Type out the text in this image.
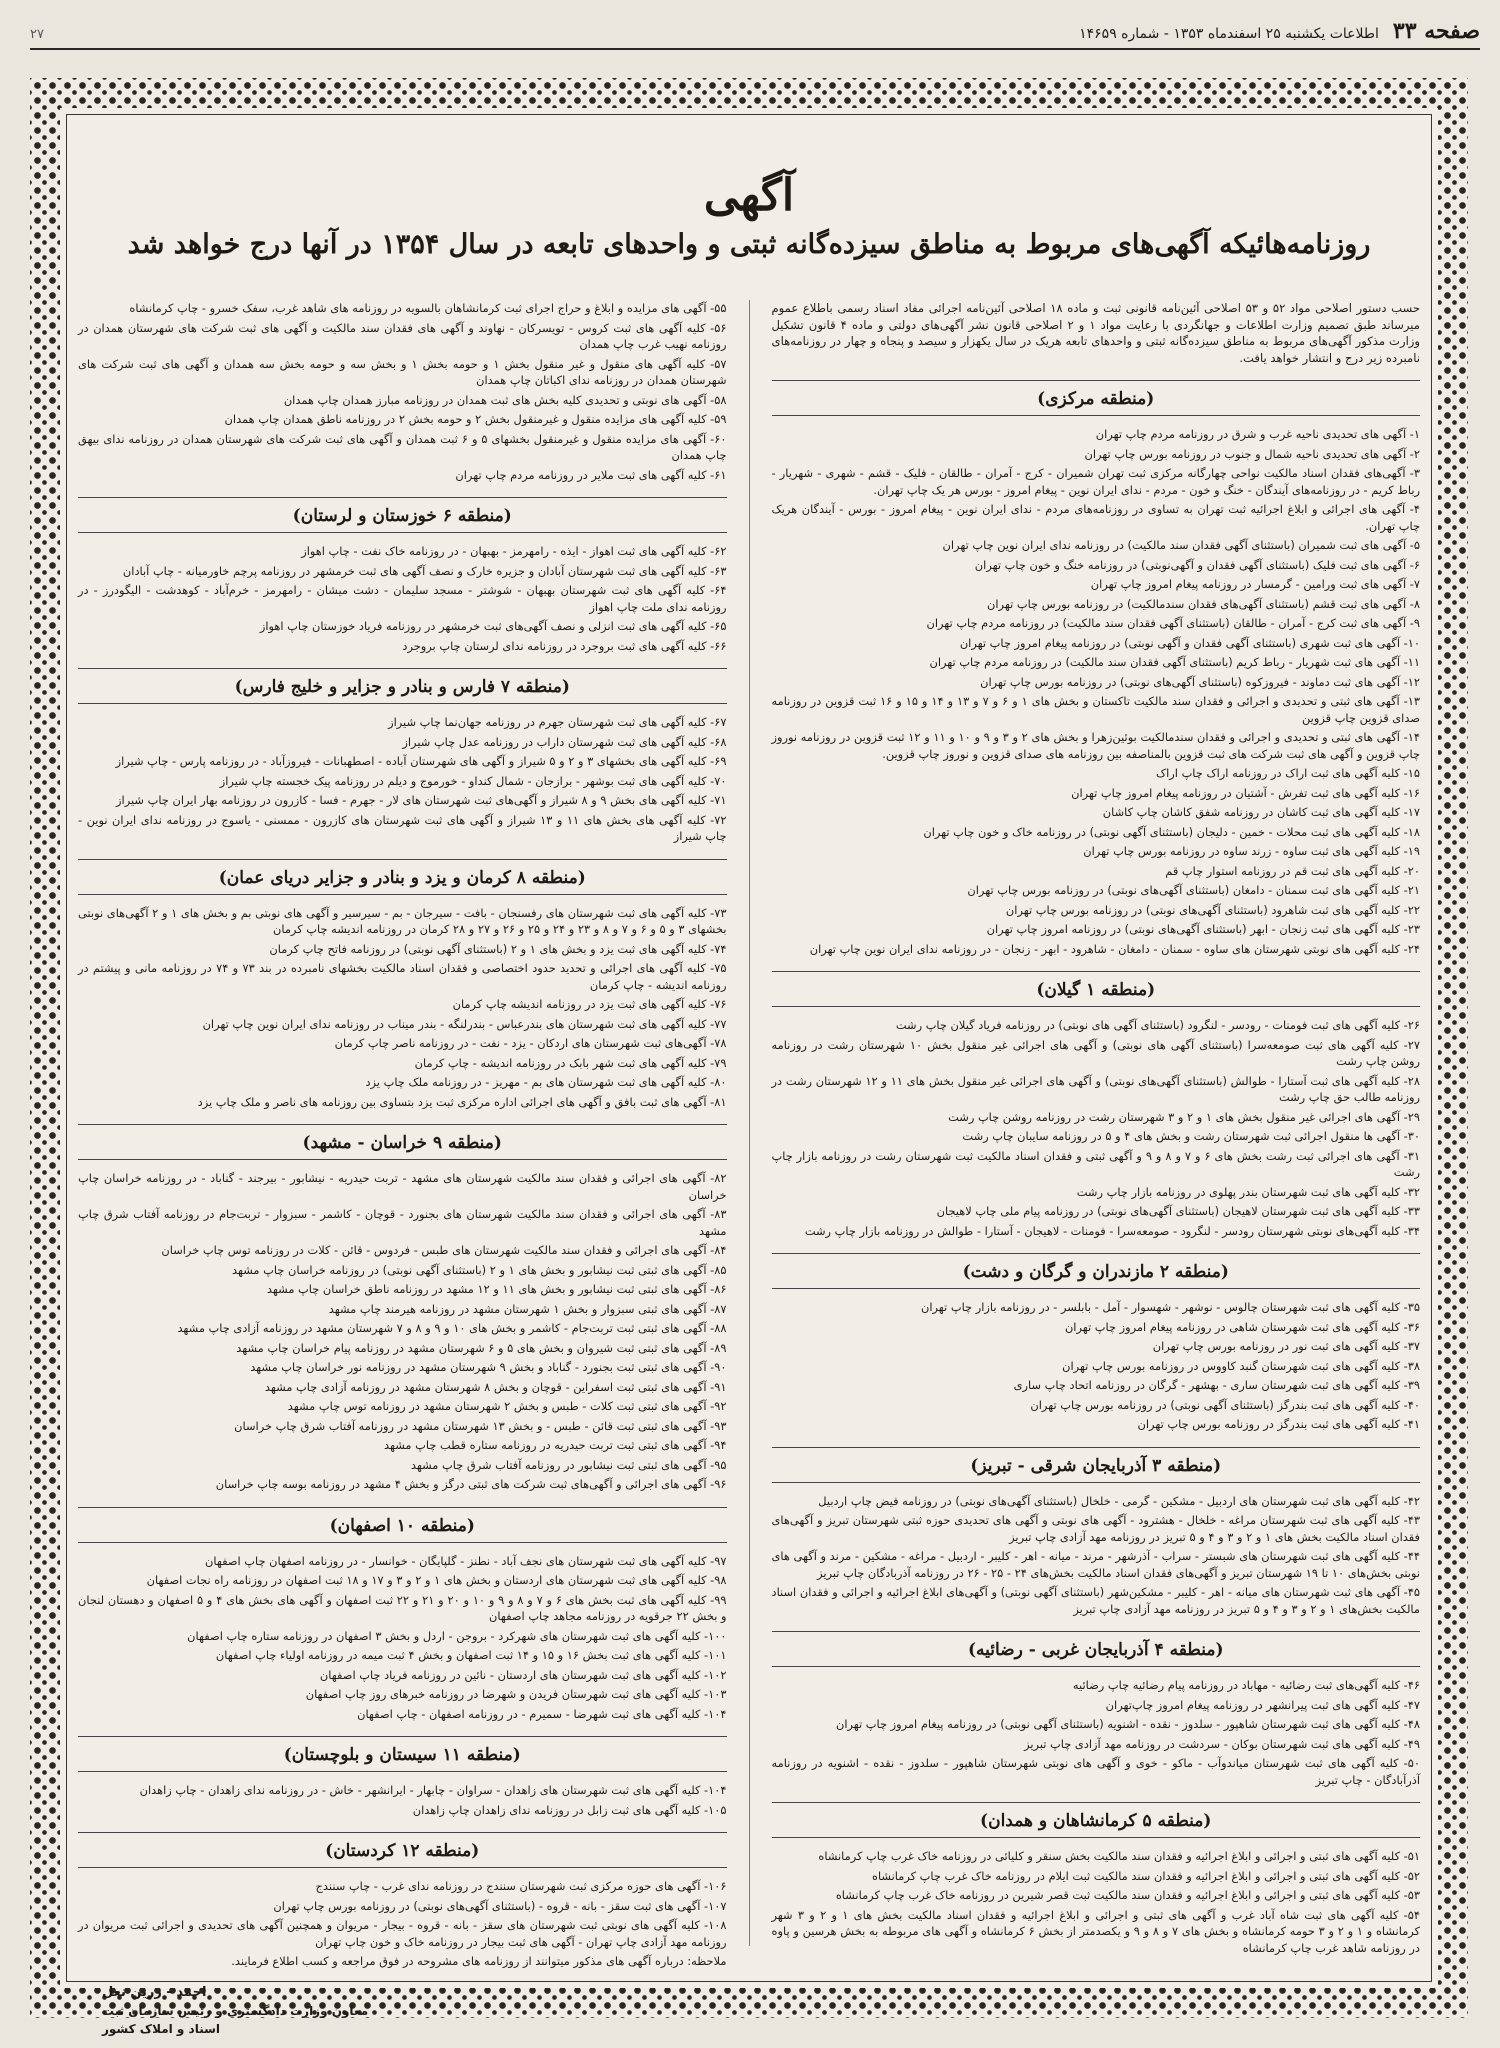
صفحه ۳۳
اطلاعات یکشنبه ۲۵ اسفندماه ۱۳۵۳ - شماره ۱۴۶۵۹
۲۷
آگهی
روزنامه‌هائیکه آگهی‌های مربوط به مناطق سیزده‌گانه ثبتی و واحدهای تابعه در سال ۱۳۵۴ در آنها درج خواهد شد

حسب دستور اصلاحی مواد ۵۲ و ۵۳ اصلاحی آئین‌نامه قانونی ثبت و ماده ۱۸ اصلاحی آئین‌نامه اجرائی مفاد اسناد رسمی باطلاع عموم میرساند طبق تصمیم وزارت اطلاعات و جهانگردی با رعایت مواد ۱ و ۲ اصلاحی قانون نشر آگهی‌های دولتی و ماده ۴ قانون تشکیل وزارت مذکور آگهی‌های مربوط به مناطق سیزده‌گانه ثبتی و واحد‌های تابعه هریک در سال یکهزار و سیصد و پنجاه و چهار در روزنامه‌های نامبرده زیر درج و انتشار خواهد یافت.

(منطقه مرکزی)
۱- آگهی های تحدیدی ناحیه غرب و شرق در روزنامه مردم چاپ تهران
۲- آگهی های تحدیدی ناحیه شمال و جنوب در روزنامه بورس چاپ تهران
۳- آگهی‌های فقدان اسناد مالکیت نواحی چهارگانه مرکزی ثبت تهران شمیران - کرج - آمران - طالقان - فلیک - قشم - شهری - شهریار - رباط کریم - در روزنامه‌های آیندگان - خنگ و خون - مردم - ندای ایران نوین - پیغام امروز - بورس هر یک چاپ تهران.
۴- آگهی های اجرائی و ابلاغ اجرائیه ثبت تهران به تساوی در روزنامه‌های مردم - ندای ایران نوین - پیغام امروز - بورس - آیندگان هریک چاپ تهران.
۵- آگهی های ثبت شمیران (باستثنای آگهی فقدان سند مالکیت) در روزنامه ندای ایران نوین چاپ تهران
۶- آگهی های ثبت فلیک (باستثنای آگهی فقدان و آگهی‌نوبتی) در روزنامه خنگ و خون چاپ تهران
۷- آگهی های ثبت ورامین - گرمسار در روزنامه پیغام امروز چاپ تهران
۸- آگهی های ثبت قشم (باستثنای آگهی‌های فقدان سندمالکیت) در روزنامه بورس چاپ تهران
۹- آگهی های ثبت کرج - آمران - طالقان (باستثنای آگهی فقدان سند مالکیت) در روزنامه مردم چاپ تهران
۱۰- آگهی های ثبت شهری (باستثنای آگهی فقدان و آگهی نوبتی) در روزنامه پیغام امروز چاپ تهران
۱۱- آگهی های ثبت شهریار - رباط کریم (باستثنای آگهی فقدان سند مالکیت) در روزنامه مردم چاپ تهران
۱۲- آگهی های ثبت دماوند - فیروزکوه (باستثنای آگهی‌های نوبتی) در روزنامه بورس چاپ تهران
۱۳- آگهی های ثبتی و تحدیدی و اجرائی و فقدان سند مالکیت تاکستان و بخش های ۱ و ۶ و ۷ و ۱۳ و ۱۴ و ۱۵ و ۱۶ ثبت قزوین در روزنامه صدای قزوین چاپ قزوین
۱۴- آگهی های ثبتی و تحدیدی و اجرائی و فقدان سندمالکیت بوئین‌زهرا و بخش های ۲ و ۳ و ۹ و ۱۰ و ۱۱ و ۱۲ ثبت قزوین در روزنامه نوروز چاپ قزوین و آگهی های ثبت شرکت های ثبت قزوین بالمناصفه بین روزنامه های صدای قزوین و نوروز چاپ قزوین.
۱۵- کلیه آگهی های ثبت اراک در روزنامه اراک چاپ اراک
۱۶- کلیه آگهی های ثبت تفرش - آشتیان در روزنامه پیغام امروز چاپ تهران
۱۷- کلیه آگهی های ثبت کاشان در روزنامه شفق کاشان چاپ کاشان
۱۸- کلیه آگهی های ثبت محلات - خمین - دلیجان (باستثنای آگهی نوبتی) در روزنامه خاک و خون چاپ تهران
۱۹- کلیه آگهی های ثبت ساوه - زرند ساوه در روزنامه بورس چاپ تهران
۲۰- کلیه آگهی های ثبت قم در روزنامه استوار چاپ قم
۲۱- کلیه آگهی های ثبت سمنان - دامغان (باستثنای آگهی‌های نوبتی) در روزنامه بورس چاپ تهران
۲۲- کلیه آگهی های ثبت شاهرود (باستثنای آگهی‌های نوبتی) در روزنامه بورس چاپ تهران
۲۳- کلیه آگهی های ثبت زنجان - ابهر (باستثنای آگهی‌های نوبتی) در روزنامه امروز چاپ تهران
۲۴- کلیه آگهی های نوبتی شهرستان های ساوه - سمنان - دامغان - شاهرود - ابهر - زنجان - در روزنامه ندای ایران نوین چاپ تهران
(منطقه ۱ گیلان)
۲۶- کلیه آگهی های ثبت فومنات - رودسر - لنگرود (باستثنای آگهی های نوبتی) در روزنامه فریاد گیلان چاپ رشت
۲۷- کلیه آگهی های ثبت صومعه‌سرا (باستثنای آگهی های نوبتی) و آگهی های اجرائی غیر منقول بخش ۱۰ شهرستان رشت در روزنامه روشن چاپ رشت
۲۸- کلیه آگهی های ثبت آستارا - طوالش (باستثنای آگهی‌های نوبتی) و آگهی های اجرائی غیر منقول بخش های ۱۱ و ۱۲ شهرستان رشت در روزنامه طالب حق چاپ رشت
۲۹- آگهی های اجرائی غیر منقول بخش های ۱ و ۲ و ۳ شهرستان رشت در روزنامه روشن چاپ رشت
۳۰- آگهی ها منقول اجرائی ثبت شهرستان رشت و بخش های ۴ و ۵ در روزنامه سایبان چاپ رشت
۳۱- آگهی های اجرائی ثبت رشت بخش های ۶ و ۷ و ۸ و ۹ و آگهی ثبتی و فقدان اسناد مالکیت ثبت شهرستان رشت در روزنامه بازار چاپ رشت
۳۲- کلیه آگهی های ثبت شهرستان بندر پهلوی در روزنامه بازار چاپ رشت
۳۳- کلیه آگهی های ثبت شهرستان لاهیجان (باستثنای آگهی‌های نوبتی) در روزنامه پیام ملی چاپ لاهیجان
۳۴- کلیه آگهی‌های نوبتی شهرستان رودسر - لنگرود - صومعه‌سرا - فومنات - لاهیجان - آستارا - طوالش در روزنامه بازار چاپ رشت
(منطقه ۲ مازندران و گرگان و دشت)
۳۵- کلیه آگهی های ثبت شهرستان چالوس - نوشهر - شهسوار - آمل - بابلسر - در روزنامه بازار چاپ تهران
۳۶- کلیه آگهی های ثبت شهرستان شاهی در روزنامه پیغام امروز چاپ تهران
۳۷- کلیه آگهی های ثبت نور در روزنامه بورس چاپ تهران
۳۸- کلیه آگهی های ثبت شهرستان گنبد کاووس در روزنامه بورس چاپ تهران
۳۹- کلیه آگهی های ثبت شهرستان ساری - بهشهر - گرگان در روزنامه اتحاد چاپ ساری
۴۰- کلیه آگهی های ثبت بندرگز (باستثنای آگهی نوبتی) در روزنامه بورس چاپ تهران
۴۱- کلیه آگهی های ثبت بندرگز در روزنامه بورس چاپ تهران
(منطقه ۳ آذربایجان شرقی - تبریز)
۴۲- کلیه آگهی های ثبت شهرستان های اردبیل - مشکین - گرمی - خلخال (باستثنای آگهی‌های نوبتی) در روزنامه فیض چاپ اردبیل
۴۳- کلیه آگهی های ثبت شهرستان مراغه - خلخال - هشترود - آگهی های نوبتی و آگهی های تحدیدی حوزه ثبتی شهرستان تبریز و آگهی‌های فقدان اسناد مالکیت بخش های ۱ و ۲ و ۳ و ۴ و ۵ تبریز در روزنامه مهد آزادی چاپ تبریز
۴۴- کلیه آگهی های ثبت شهرستان های شبستر - سراب - آذرشهر - مرند - میانه - اهر - کلیبر - اردبیل - مراغه - مشکین - مرند و آگهی های نوبتی بخش‌های ۱۰ تا ۱۹ شهرستان تبریز و آگهی‌های فقدان اسناد مالکیت بخش‌های ۲۴ - ۲۵ - ۲۶ در روزنامه آذربادگان چاپ تبریز
۴۵- آگهی های ثبت شهرستان های میانه - اهر - کلیبر - مشکین‌شهر (باستثنای آگهی نوبتی) و آگهی‌های ابلاغ اجرائیه و اجرائی و فقدان اسناد مالکیت بخش‌های ۱ و ۲ و ۳ و ۴ و ۵ تبریز در روزنامه مهد آزادی چاپ تبریز
(منطقه ۴ آذربایجان غربی - رضائیه)
۴۶- کلیه آگهی‌های ثبت رضائیه - مهاباد در روزنامه پیام رضائیه چاپ رضائیه
۴۷- کلیه آگهی های ثبت پیرانشهر در روزنامه پیغام امروز چاپ‌تهران
۴۸- کلیه آگهی های ثبت شهرستان شاهپور - سلدوز - نقده - اشنویه (باستثنای آگهی نوبتی) در روزنامه پیغام امروز چاپ تهران
۴۹- کلیه آگهی های ثبت شهرستان بوکان - سردشت در روزنامه مهد آزادی چاپ تبریز
۵۰- کلیه آگهی های ثبت شهرستان میاندوآب - ماکو - خوی و آگهی های نوبتی شهرستان شاهپور - سلدوز - نقده - اشنویه در روزنامه آذرآبادگان - چاپ تبریز
(منطقه ۵ کرمانشاهان و همدان)
۵۱- کلیه آگهی های ثبتی و اجرائی و ابلاغ اجرائیه و فقدان سند مالکیت بخش سنقر و کلیائی در روزنامه خاک غرب چاپ کرمانشاه
۵۲- کلیه آگهی های ثبتی و اجرائی و ابلاغ اجرائیه و فقدان سند مالکیت ثبت ایلام در روزنامه خاک غرب چاپ کرمانشاه
۵۳- کلیه آگهی های ثبتی و اجرائی و ابلاغ اجرائیه و فقدان سند مالکیت ثبت قصر شیرین در روزنامه خاک غرب چاپ کرمانشاه
۵۴- کلیه آگهی های ثبت شاه آباد غرب و آگهی های ثبتی و اجرائی و ابلاغ اجرائیه و فقدان اسناد مالکیت بخش های ۱ و ۲ و ۳ شهر کرمانشاه و ۱ و ۲ و ۳ حومه کرمانشاه و بخش های ۷ و ۸ و ۹ و یکصدمتر از بخش ۶ کرمانشاه و آگهی های مربوطه به بخش هرسین و پاوه در روزنامه شاهد غرب چاپ کرمانشاه
۵۵- آگهی های مزایده و ابلاغ و حراج اجرای ثبت کرمانشاهان بالسویه در روزنامه های شاهد غرب، سفک خسرو - چاپ کرمانشاه
۵۶- کلیه آگهی های ثبت کروس - تویسرکان - نهاوند و آگهی های فقدان سند مالکیت و آگهی های ثبت شرکت های شهرستان همدان در روزنامه نهیب غرب چاپ همدان
۵۷- کلیه آگهی های منقول و غیر منقول بخش ۱ و حومه بخش ۱ و بخش سه و حومه بخش سه همدان و آگهی های ثبت شرکت های شهرستان همدان در روزنامه ندای اکباتان چاپ همدان
۵۸- آگهی های نوبتی و تحدیدی کلیه بخش های ثبت همدان در روزنامه مبارز همدان چاپ همدان
۵۹- کلیه آگهی های مزایده منقول و غیرمنقول بخش ۲ و حومه بخش ۲ در روزنامه ناطق همدان چاپ همدان
۶۰- آگهی های مزایده منقول و غیرمنقول بخشهای ۵ و ۶ ثبت همدان و آگهی های ثبت شرکت های شهرستان همدان در روزنامه ندای بیهق چاپ همدان
۶۱- کلیه آگهی های ثبت ملایر در روزنامه مردم چاپ تهران
(منطقه ۶ خوزستان و لرستان)
۶۲- کلیه آگهی های ثبت اهواز - ایذه - رامهرمز - بهبهان - در روزنامه خاک نفت - چاپ اهواز
۶۳- کلیه آگهی های ثبت شهرستان آبادان و جزیره خارک و نصف آگهی های ثبت خرمشهر در روزنامه پرچم خاورمیانه - چاپ آبادان
۶۴- کلیه آگهی های ثبت شهرستان بهبهان - شوشتر - مسجد سلیمان - دشت میشان - رامهرمز - خرم‌آباد - کوهدشت - الیگودرز - در روزنامه ندای ملت چاپ اهواز
۶۵- کلیه آگهی های ثبت انزلی و نصف آگهی‌های ثبت خرمشهر در روزنامه فریاد خوزستان چاپ اهواز
۶۶- کلیه آگهی های ثبت بروجرد در روزنامه ندای لرستان چاپ بروجرد
(منطقه ۷ فارس و بنادر و جزایر و خلیج فارس)
۶۷- کلیه آگهی های ثبت شهرستان جهرم در روزنامه جهان‌نما چاپ شیراز
۶۸- کلیه آگهی های ثبت شهرستان داراب در روزنامه عدل چاپ شیراز
۶۹- کلیه آگهی های بخشهای ۳ و ۲ و ۵ شیراز و آگهی های شهرستان آباده - اصطهبانات - فیروزآباد - در روزنامه پارس - چاپ شیراز
۷۰- کلیه آگهی های ثبت بوشهر - برازجان - شمال کنداو - خورموج و دیلم در روزنامه پیک خجسته چاپ شیراز
۷۱- کلیه آگهی های بخش ۹ و ۸ شیراز و آگهی‌های ثبت شهرستان های لار - جهرم - فسا - کازرون در روزنامه بهار ایران چاپ شیراز
۷۲- کلیه آگهی های بخش های ۱۱ و ۱۳ شیراز و آگهی های ثبت شهرستان های کازرون - ممسنی - یاسوج در روزنامه ندای ایران نوین - چاپ شیراز
(منطقه ۸ کرمان و یزد و بنادر و جزایر دریای عمان)
۷۳- کلیه آگهی های ثبت شهرستان های رفسنجان - بافت - سیرجان - بم - سیرسیر و آگهی های نوبتی بم و بخش های ۱ و ۲ آگهی‌های نوبتی بخشهای ۳ و ۵ و ۶ و ۷ و ۸ و ۲۳ و ۲۴ و ۲۵ و ۲۶ و ۲۷ و ۲۸ کرمان در روزنامه اندیشه چاپ کرمان
۷۴- کلیه آگهی های ثبت یزد و بخش های ۱ و ۲ (باستثنای آگهی نوبتی) در روزنامه فاتح چاپ کرمان
۷۵- کلیه آگهی های اجرائی و تحدید حدود اختصاصی و فقدان اسناد مالکیت بخشهای نامبرده در بند ۷۳ و ۷۴ در روزنامه مانی و پیشتم در روزنامه اندیشه - چاپ کرمان
۷۶- کلیه آگهی های ثبت یزد در روزنامه اندیشه چاپ کرمان
۷۷- کلیه آگهی های ثبت شهرستان های بندرعباس - بندرلنگه - بندر میناب در روزنامه ندای ایران نوین چاپ تهران
۷۸- آگهی‌های ثبت شهرستان های اردکان - یزد - نفت - در روزنامه ناصر چاپ کرمان
۷۹- کلیه آگهی های ثبت شهر بابک در روزنامه اندیشه - چاپ کرمان
۸۰- کلیه آگهی های ثبت شهرستان های بم - مهریز - در روزنامه ملک چاپ یزد
۸۱- آگهی های ثبت بافق و آگهی های اجرائی اداره مرکزی ثبت یزد بتساوی بین روزنامه های ناصر و ملک چاپ یزد
(منطقه ۹ خراسان - مشهد)
۸۲- آگهی های اجرائی و فقدان سند مالکیت شهرستان های مشهد - تربت حیدریه - نیشابور - بیرجند - گناباد - در روزنامه خراسان چاپ خراسان
۸۳- آگهی های اجرائی و فقدان سند مالکیت شهرستان های بجنورد - قوچان - کاشمر - سبزوار - تربت‌جام در روزنامه آفتاب شرق چاپ مشهد
۸۴- آگهی های اجرائی و فقدان سند مالکیت شهرستان های طبس - فردوس - قائن - کلات در روزنامه توس چاپ خراسان
۸۵- آگهی های ثبتی ثبت نیشابور و بخش های ۱ و ۲ (باستثنای آگهی نوبتی) در روزنامه خراسان چاپ مشهد
۸۶- آگهی های ثبتی ثبت نیشابور و بخش های ۱۱ و ۱۲ مشهد در روزنامه ناطق خراسان چاپ مشهد
۸۷- آگهی های ثبتی سبزوار و بخش ۱ شهرستان مشهد در روزنامه هیرمند چاپ مشهد
۸۸- آگهی های ثبتی ثبت تربت‌جام - کاشمر و بخش های ۱۰ و ۹ و ۸ و ۷ شهرستان مشهد در روزنامه آزادی چاپ مشهد
۸۹- آگهی های ثبتی ثبت شیروان و بخش های ۵ و ۶ شهرستان مشهد در روزنامه پیام خراسان چاپ مشهد
۹۰- آگهی های ثبتی ثبت بجنورد - گناباد و بخش ۹ شهرستان مشهد در روزنامه نور خراسان چاپ مشهد
۹۱- آگهی های ثبتی ثبت اسفراین - قوچان و بخش ۸ شهرستان مشهد در روزنامه آزادی چاپ مشهد
۹۲- آگهی های ثبتی ثبت کلات - طبس و بخش ۲ شهرستان مشهد در روزنامه توس چاپ مشهد
۹۳- آگهی های ثبتی ثبت قائن - طبس - و بخش ۱۳ شهرستان مشهد در روزنامه آفتاب شرق چاپ خراسان
۹۴- آگهی های ثبتی ثبت تربت حیدریه در روزنامه ستاره قطب چاپ مشهد
۹۵- آگهی های ثبتی ثبت نیشابور در روزنامه آفتاب شرق چاپ مشهد
۹۶- آگهی های اجرائی و آگهی‌های ثبت شرکت های ثبتی درگز و بخش ۴ مشهد در روزنامه بوسه چاپ خراسان
(منطقه ۱۰ اصفهان)
۹۷- کلیه آگهی های ثبت شهرستان های نجف آباد - نطنز - گلپایگان - خوانسار - در روزنامه اصفهان چاپ اصفهان
۹۸- کلیه آگهی های ثبت شهرستان های اردستان و بخش های ۱ و ۲ و ۳ و ۱۷ و ۱۸ ثبت اصفهان در روزنامه راه نجات اصفهان
۹۹- کلیه آگهی های ثبت بخش های ۶ و ۷ و ۸ و ۹ و ۱۰ و ۲۰ و ۲۱ و ۲۲ ثبت اصفهان و آگهی های بخش های ۴ و ۵ اصفهان و دهستان لنجان و بخش ۲۲ جرقویه در روزنامه مجاهد چاپ اصفهان
۱۰۰- کلیه آگهی های ثبت شهرستان های شهرکرد - بروجن - اردل و بخش ۳ اصفهان در روزنامه ستاره چاپ اصفهان
۱۰۱- کلیه آگهی های ثبت بخش ۱۶ و ۱۵ و ۱۴ ثبت اصفهان و بخش ۴ ثبت میمه در روزنامه اولیاء چاپ اصفهان
۱۰۲- کلیه آگهی های ثبت شهرستان های اردستان - نائین در روزنامه فریاد چاپ اصفهان
۱۰۳- کلیه آگهی های ثبت شهرستان فریدن و شهرضا در روزنامه خبرهای روز چاپ اصفهان
۱۰۴- کلیه آگهی های ثبت شهرضا - سمیرم - در روزنامه اصفهان - چاپ اصفهان
(منطقه ۱۱ سیستان و بلوچستان)
۱۰۴- کلیه آگهی های ثبت شهرستان های زاهدان - سراوان - چابهار - ایرانشهر - خاش - در روزنامه ندای زاهدان - چاپ زاهدان
۱۰۵- کلیه آگهی های ثبت زابل در روزنامه ندای زاهدان چاپ زاهدان
(منطقه ۱۲ کردستان)
۱۰۶- آگهی های حوزه مرکزی ثبت شهرستان سنندج در روزنامه ندای غرب - چاپ سنندج
۱۰۷- آگهی های ثبت سقز - بانه - قروه - (باستثنای آگهی‌های نوبتی) در روزنامه بورس چاپ تهران
۱۰۸- کلیه آگهی های نوبتی ثبت شهرستان های سقز - بانه - قروه - بیجار - مریوان و همچنین آگهی های تحدیدی و اجرائی ثبت مریوان در روزنامه مهد آزادی چاپ تهران - آگهی های ثبت بیجار در روزنامه خاک و خون چاپ تهران
ملاحظه: درباره آگهی های مذکور میتوانند از روزنامه های مشروحه در فوق مراجعه و کسب اطلاع فرمایند.
احمد - زرین نعل
معاون وزارت دادگستری و رئیس سازمان ثبت
اسناد و املاک کشور
